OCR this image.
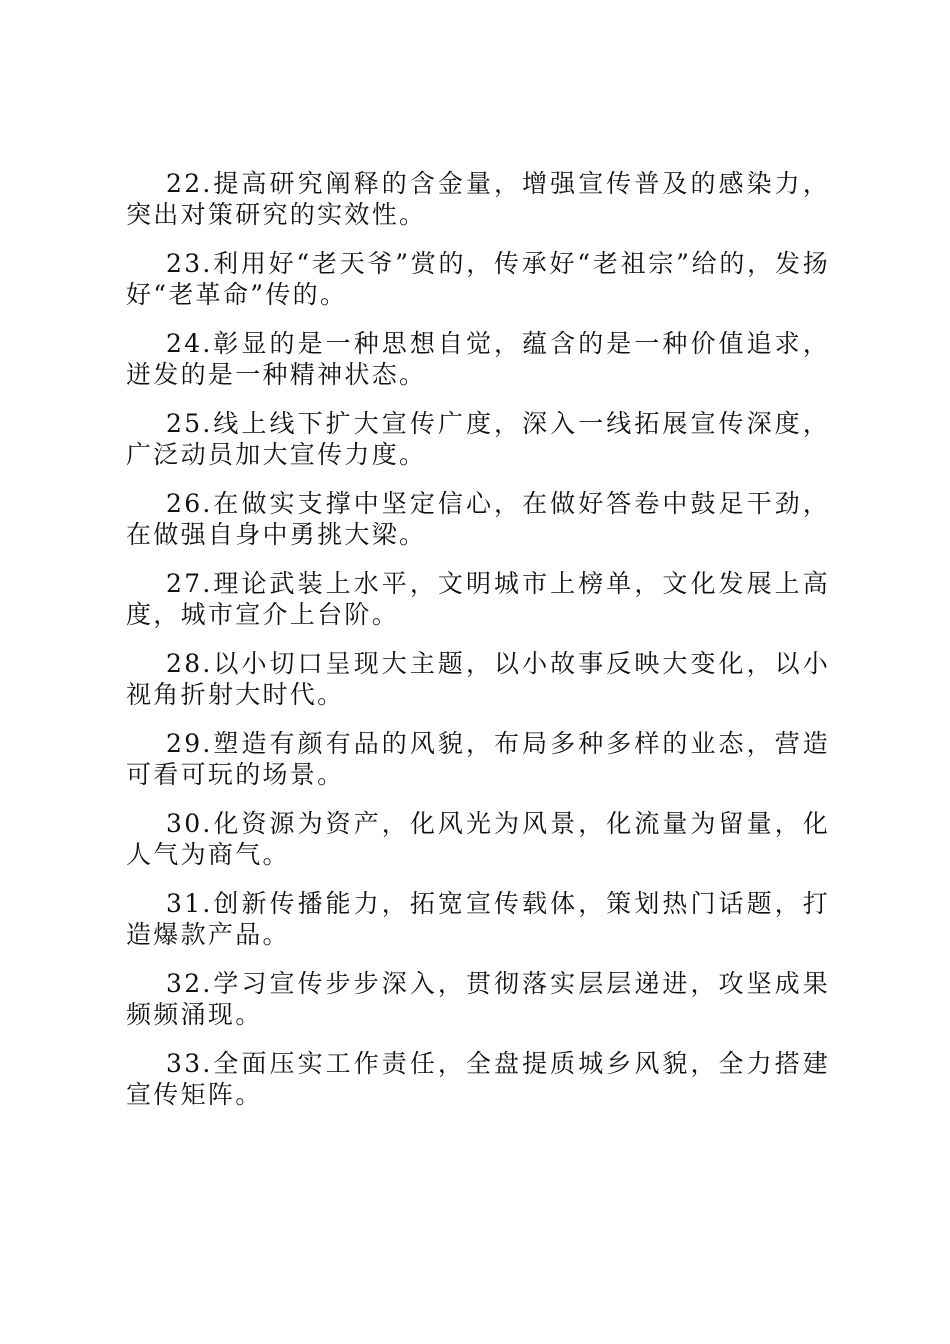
22.提高研究阐释的含金量，增强宣传普及的感染力，突出对策研究的实效性。

23.利用好“老天爷”赏的，传承好“老祖宗”给的，发扬好“老革命”传的。

24.彰显的是一种思想自觉，蕴含的是一种价值追求，迸发的是一种精神状态。

25.线上线下扩大宣传广度，深入一线拓展宣传深度，广泛动员加大宣传力度。

26.在做实支撑中坚定信心，在做好答卷中鼓足干劲，在做强自身中勇挑大梁。

27.理论武装上水平，文明城市上榜单，文化发展上高度，城市宣介上台阶。

28.以小切口呈现大主题，以小故事反映大变化，以小视角折射大时代。

29.塑造有颜有品的风貌，布局多种多样的业态，营造可看可玩的场景。

30.化资源为资产，化风光为风景，化流量为留量，化人气为商气。

31.创新传播能力，拓宽宣传载体，策划热门话题，打造爆款产品。

32.学习宣传步步深入，贯彻落实层层递进，攻坚成果频频涌现。

33.全面压实工作责任，全盘提质城乡风貌，全力搭建宣传矩阵。
